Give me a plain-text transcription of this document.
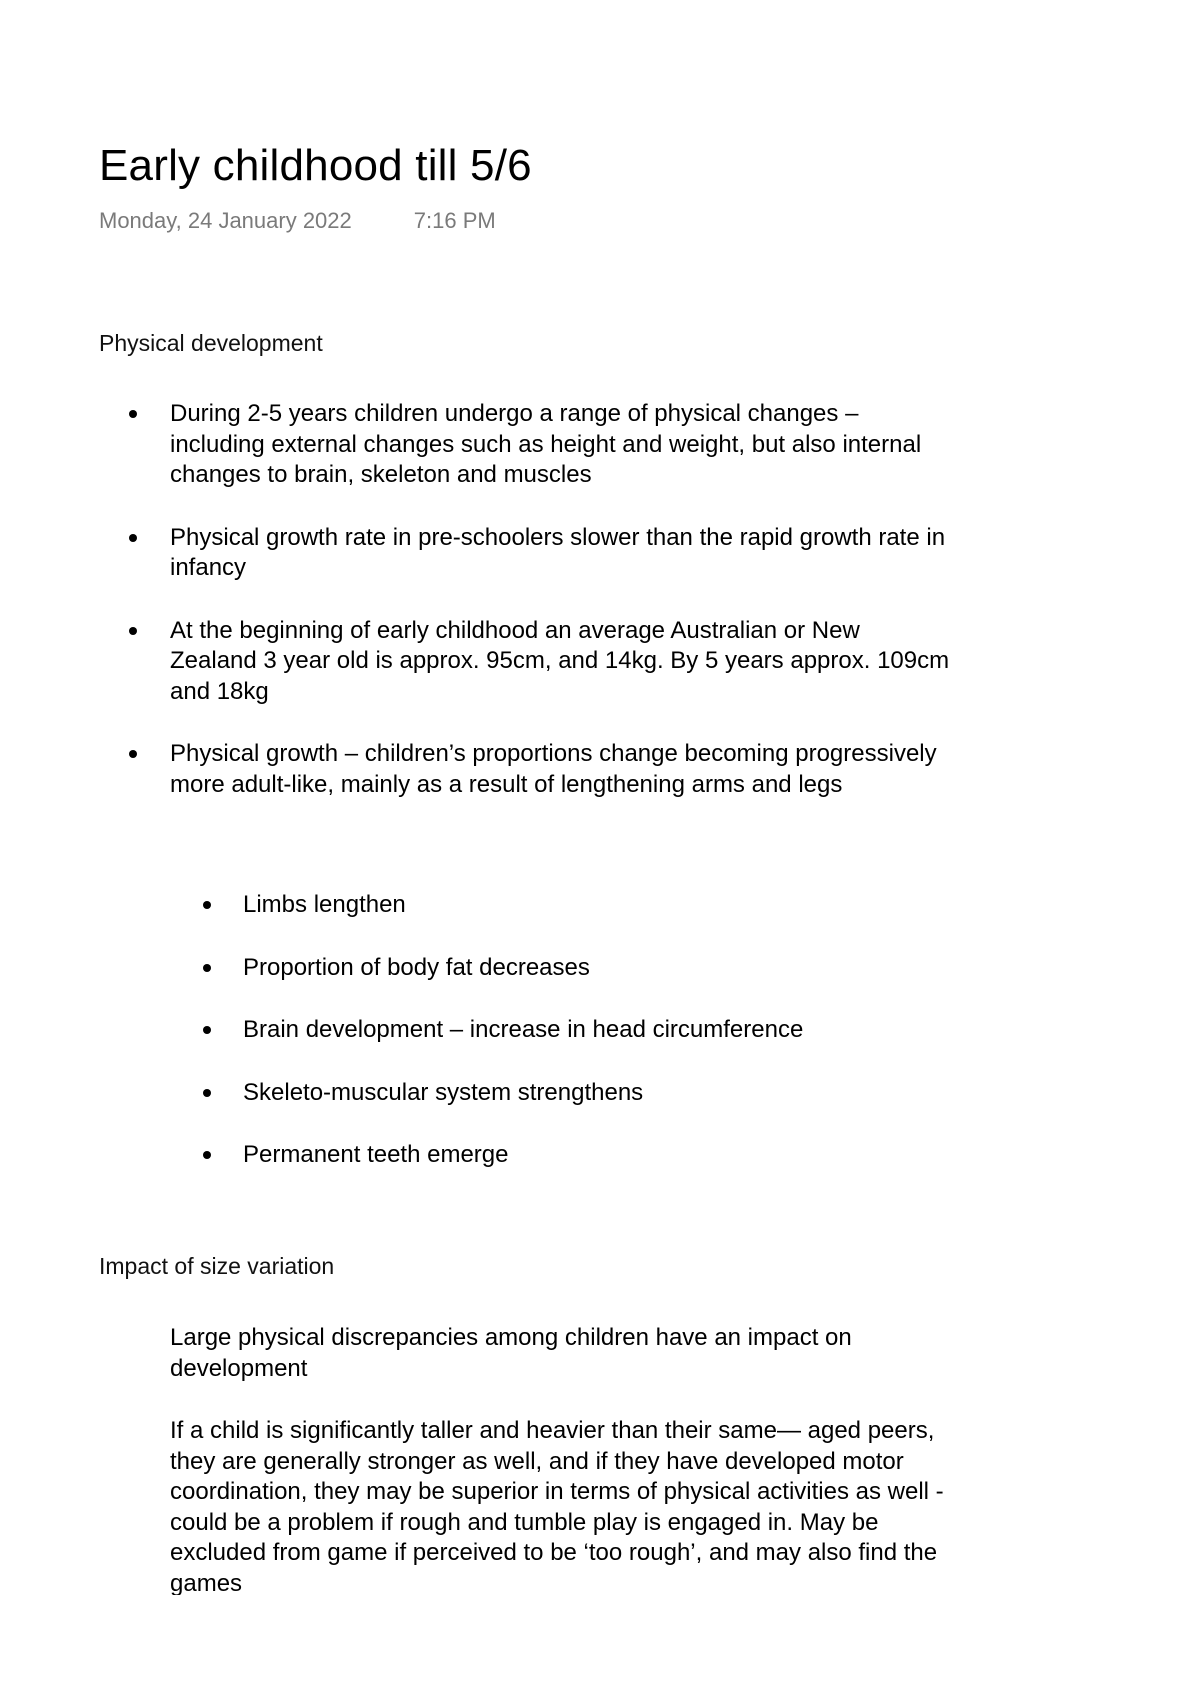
Early childhood till 5/6
Monday, 24 January 2022	7:16 PM
Physical development
During 2-5 years children undergo a range of physical changes – including external changes such as height and weight, but also internal changes to brain, skeleton and muscles
Physical growth rate in pre-schoolers slower than the rapid growth rate in infancy
At the beginning of early childhood an average Australian or New Zealand 3 year old is approx. 95cm, and 14kg. By 5 years approx. 109cm and 18kg
Physical growth – children’s proportions change becoming progressively more adult-like, mainly as a result of lengthening arms and legs
Limbs lengthen
Proportion of body fat decreases
Brain development – increase in head circumference
Skeleto-muscular system strengthens
Permanent teeth emerge
Impact of size variation
Large physical discrepancies among children have an impact on development
If a child is significantly taller and heavier than their same— aged peers, they are generally stronger as well, and if they have developed motor coordination, they may be superior in terms of physical activities as well - could be a problem if rough and tumble play is engaged in. May be excluded from game if perceived to be ‘too rough’, and may also find the games
